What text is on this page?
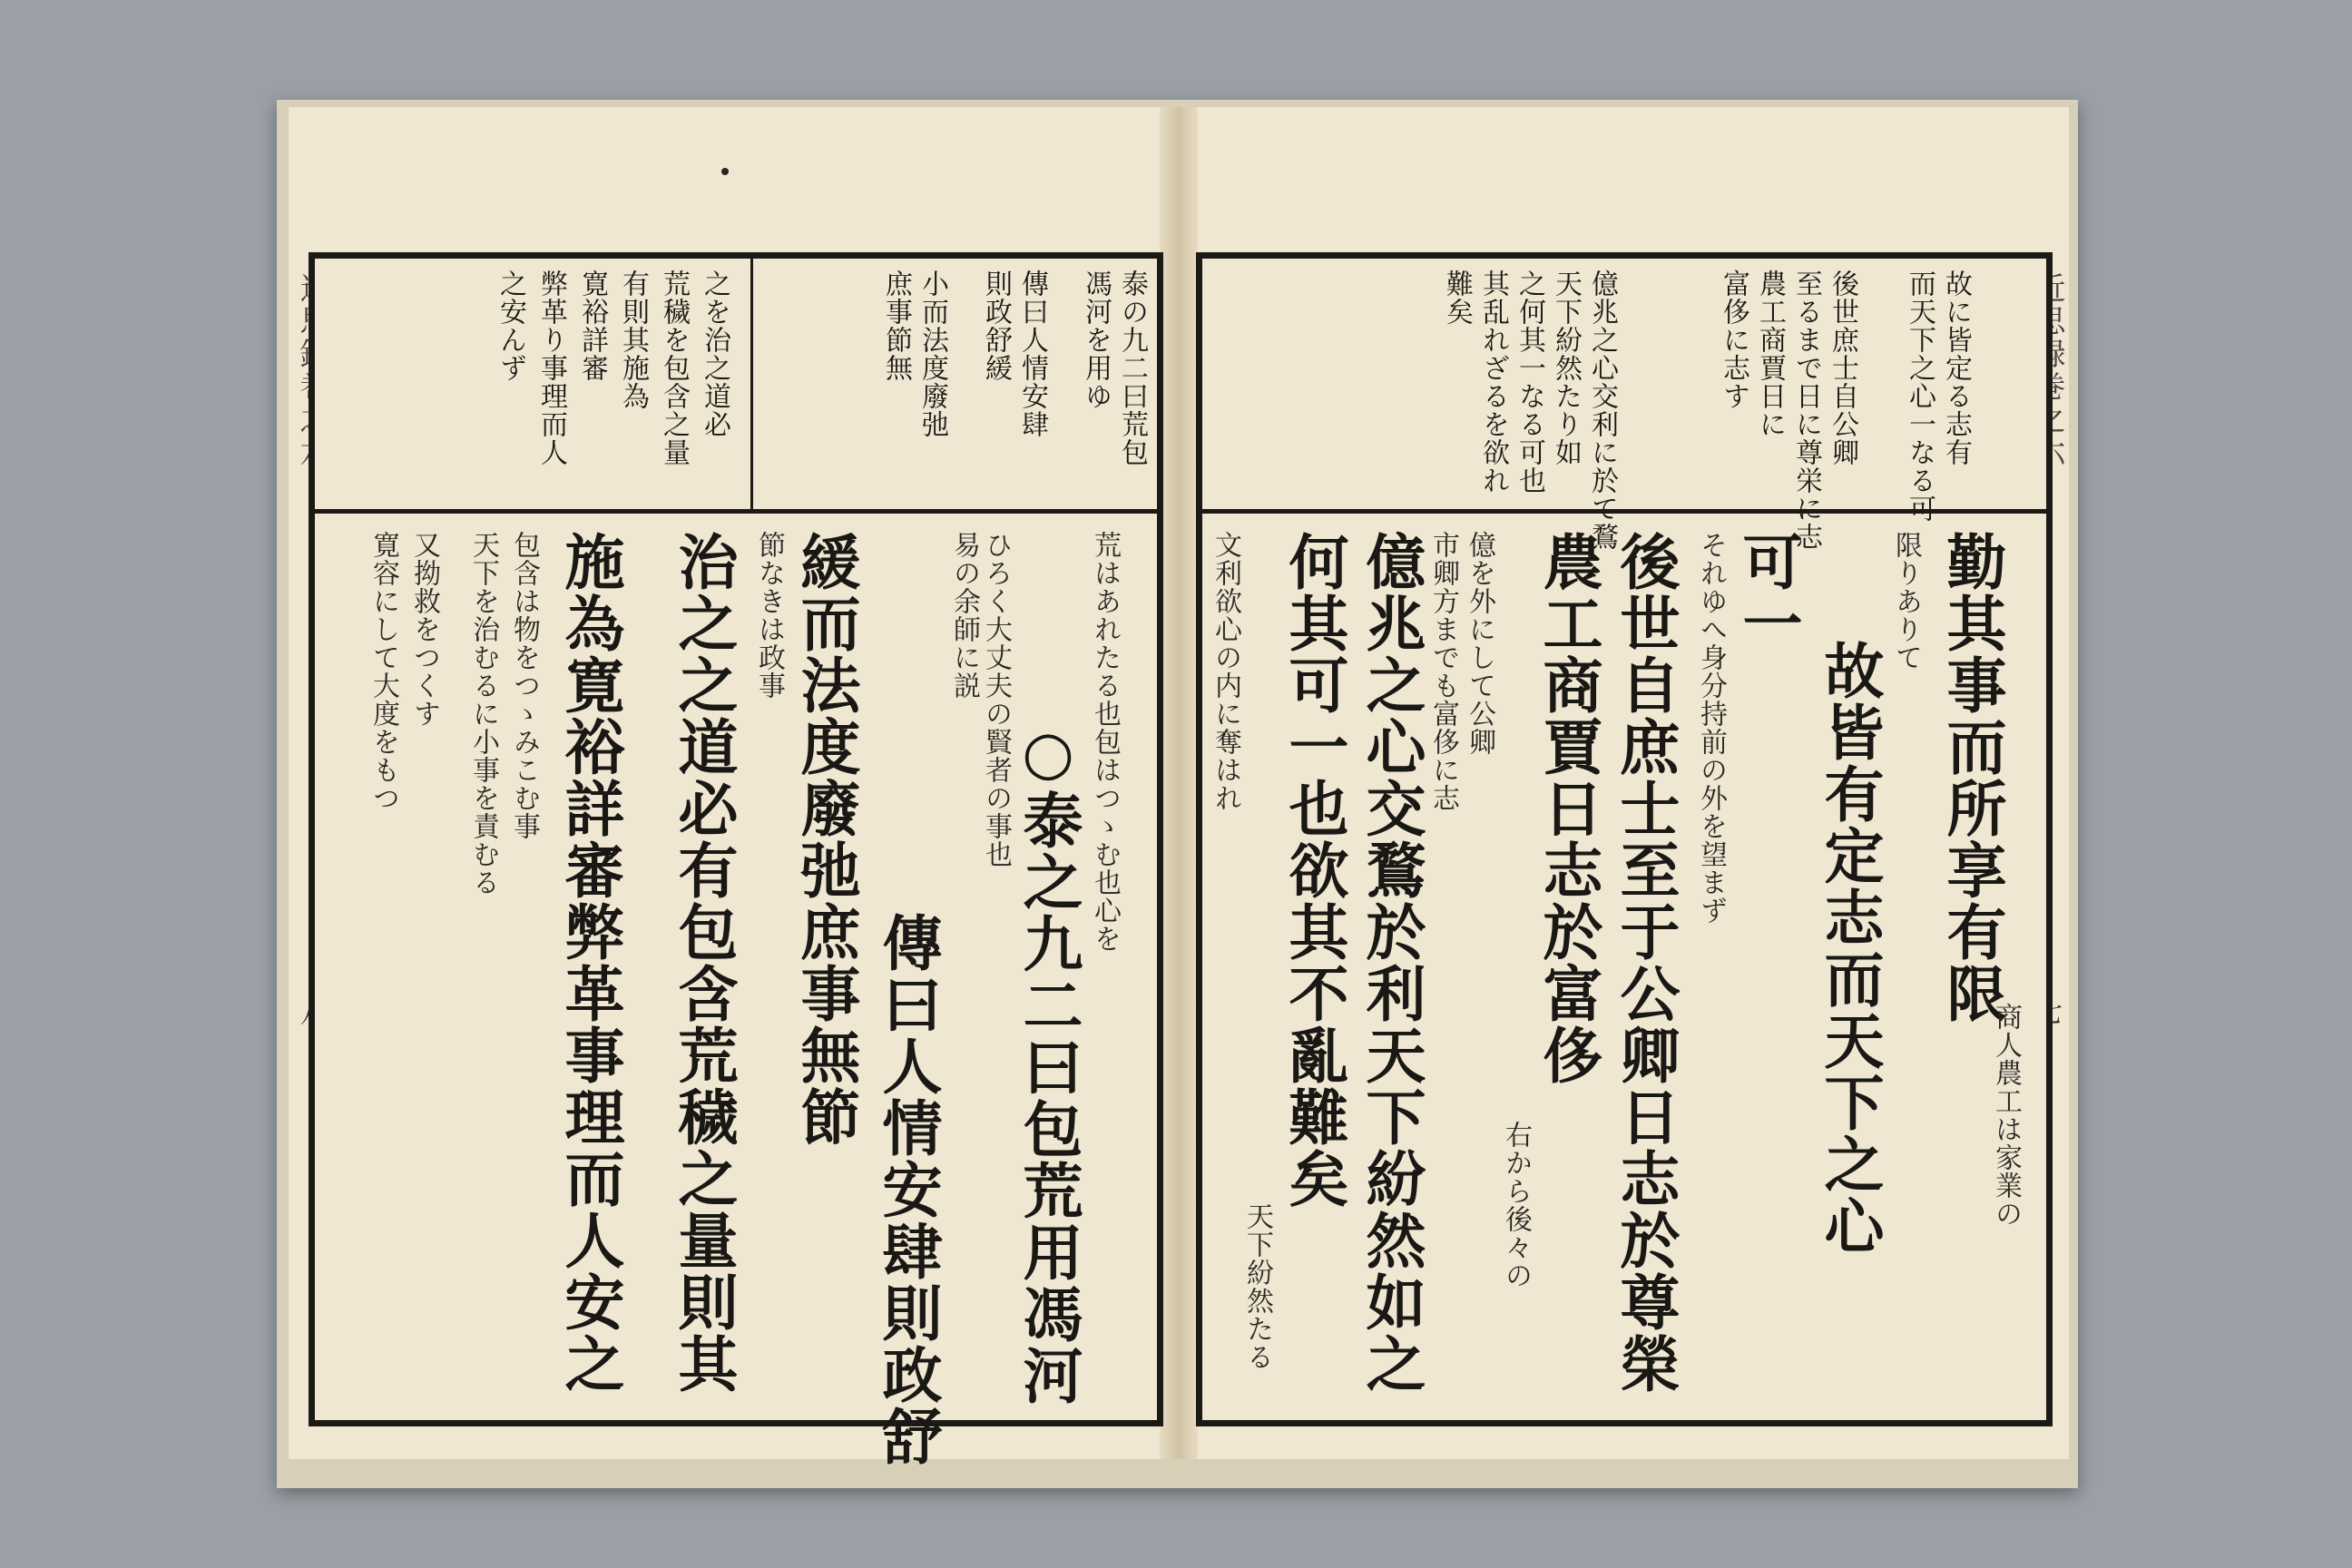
泰の九二曰荒包
馮河を用ゆ
傳曰人情安肆
則政舒緩
小而法度廢弛
庶事節無
之を治之道必
荒穢を包含之量
有則其施為
寛裕詳審
弊革り事理而人
之安んず
荒はあれたる也包はつゝむ也心を
○泰之九二曰包荒用馮河
ひろく大丈夫の賢者の事也
易の余師に説
傳曰人情安肆則政舒
緩而法度廢弛庶事無節
節なきは政事
治之之道必有包含荒穢之量則其
施為寛裕詳審弊革事理而人安之
包含は物をつゝみこむ事
天下を治むるに小事を責むる
又拗救をつくす
寛容にして大度をもつ
故に皆定る志有
而天下之心一なる可
後世庶士自公卿
至るまで日に尊栄に志
農工商賈日に
富侈に志す
億兆之心交利に於て鶩
天下紛然たり如
之何其一なる可也
其乱れざるを欲れ
難矣
勤其事而所享有限
商人農工は家業の
限りありて
故皆有定志而天下之心
可一
それゆへ身分持前の外を望まず
後世自庶士至于公卿日志於尊榮
農工商賈日志於富侈
右から後々の
億を外にして公卿
市卿方までも富侈に志
億兆之心交鶩於利天下紛然如之
何其可一也欲其不亂難矣
天下紛然たる
文利欲心の内に奪はれ
